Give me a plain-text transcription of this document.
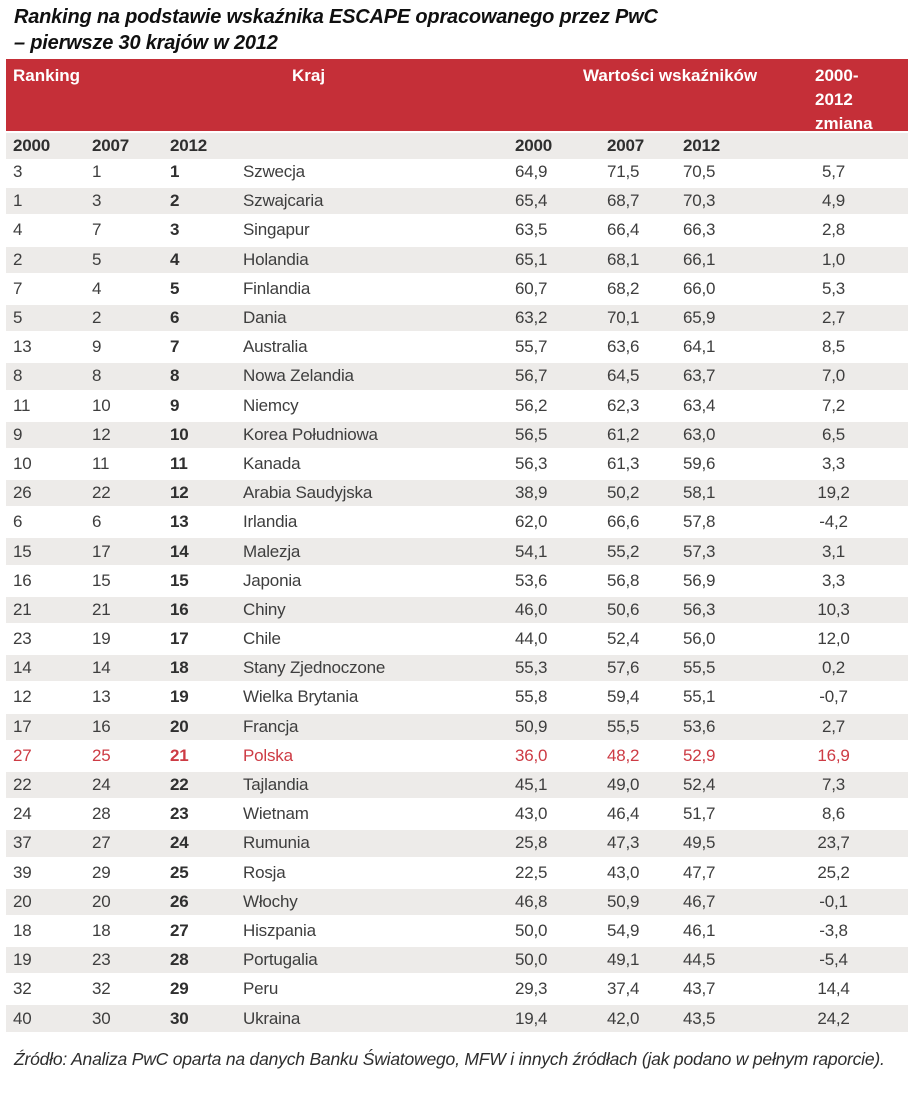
Ranking na podstawie wskaźnika ESCAPE opracowanego przez PwC
– pierwsze 30 krajów w 2012
Ranking	Kraj	Wartości wskaźników	2000-
2012
zmiana
2000	2007	2012	2000	2007	2012
3	1	1	Szwecja	64,9	71,5	70,5	5,7
1	3	2	Szwajcaria	65,4	68,7	70,3	4,9
4	7	3	Singapur	63,5	66,4	66,3	2,8
2	5	4	Holandia	65,1	68,1	66,1	1,0
7	4	5	Finlandia	60,7	68,2	66,0	5,3
5	2	6	Dania	63,2	70,1	65,9	2,7
13	9	7	Australia	55,7	63,6	64,1	8,5
8	8	8	Nowa Zelandia	56,7	64,5	63,7	7,0
11	10	9	Niemcy	56,2	62,3	63,4	7,2
9	12	10	Korea Południowa	56,5	61,2	63,0	6,5
10	11	11	Kanada	56,3	61,3	59,6	3,3
26	22	12	Arabia Saudyjska	38,9	50,2	58,1	19,2
6	6	13	Irlandia	62,0	66,6	57,8	-4,2
15	17	14	Malezja	54,1	55,2	57,3	3,1
16	15	15	Japonia	53,6	56,8	56,9	3,3
21	21	16	Chiny	46,0	50,6	56,3	10,3
23	19	17	Chile	44,0	52,4	56,0	12,0
14	14	18	Stany Zjednoczone	55,3	57,6	55,5	0,2
12	13	19	Wielka Brytania	55,8	59,4	55,1	-0,7
17	16	20	Francja	50,9	55,5	53,6	2,7
27	25	21	Polska	36,0	48,2	52,9	16,9
22	24	22	Tajlandia	45,1	49,0	52,4	7,3
24	28	23	Wietnam	43,0	46,4	51,7	8,6
37	27	24	Rumunia	25,8	47,3	49,5	23,7
39	29	25	Rosja	22,5	43,0	47,7	25,2
20	20	26	Włochy	46,8	50,9	46,7	-0,1
18	18	27	Hiszpania	50,0	54,9	46,1	-3,8
19	23	28	Portugalia	50,0	49,1	44,5	-5,4
32	32	29	Peru	29,3	37,4	43,7	14,4
40	30	30	Ukraina	19,4	42,0	43,5	24,2
Źródło: Analiza PwC oparta na danych Banku Światowego, MFW i innych źródłach (jak podano w pełnym raporcie).
